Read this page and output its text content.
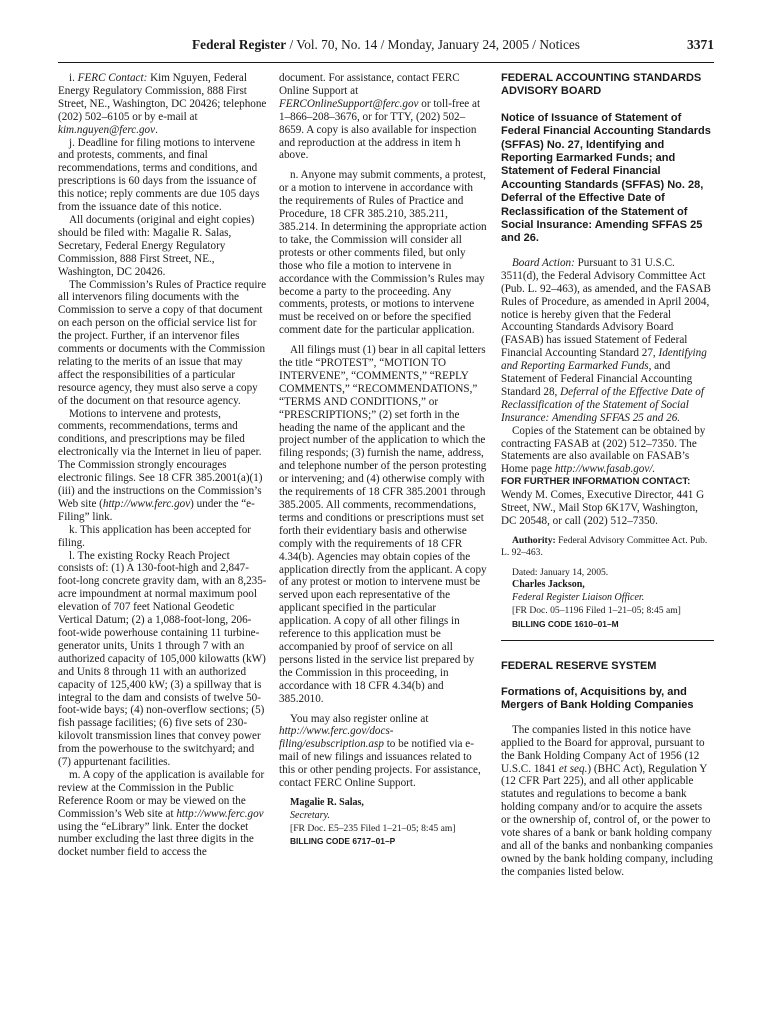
Federal Register / Vol. 70, No. 14 / Monday, January 24, 2005 / Notices	3371

i. FERC Contact: Kim Nguyen, Federal Energy Regulatory Commission, 888 First Street, NE., Washington, DC 20426; telephone (202) 502–6105 or by e-mail at kim.nguyen@ferc.gov.

j. Deadline for filing motions to intervene and protests, comments, and final recommendations, terms and conditions, and prescriptions is 60 days from the issuance of this notice; reply comments are due 105 days from the issuance date of this notice.

All documents (original and eight copies) should be filed with: Magalie R. Salas, Secretary, Federal Energy Regulatory Commission, 888 First Street, NE., Washington, DC 20426.

The Commission’s Rules of Practice require all intervenors filing documents with the Commission to serve a copy of that document on each person on the official service list for the project. Further, if an intervenor files comments or documents with the Commission relating to the merits of an issue that may affect the responsibilities of a particular resource agency, they must also serve a copy of the document on that resource agency.

Motions to intervene and protests, comments, recommendations, terms and conditions, and prescriptions may be filed electronically via the Internet in lieu of paper. The Commission strongly encourages electronic filings. See 18 CFR 385.2001(a)(1)(iii) and the instructions on the Commission’s Web site (http://www.ferc.gov) under the “e-Filing” link.

k. This application has been accepted for filing.

l. The existing Rocky Reach Project consists of: (1) A 130-foot-high and 2,847-foot-long concrete gravity dam, with an 8,235-acre impoundment at normal maximum pool elevation of 707 feet National Geodetic Vertical Datum; (2) a 1,088-foot-long, 206-foot-wide powerhouse containing 11 turbine-generator units, Units 1 through 7 with an authorized capacity of 105,000 kilowatts (kW) and Units 8 through 11 with an authorized capacity of 125,400 kW; (3) a spillway that is integral to the dam and consists of twelve 50-foot-wide bays; (4) non-overflow sections; (5) fish passage facilities; (6) five sets of 230-kilovolt transmission lines that convey power from the powerhouse to the switchyard; and (7) appurtenant facilities.

m. A copy of the application is available for review at the Commission in the Public Reference Room or may be viewed on the Commission’s Web site at http://www.ferc.gov using the “eLibrary” link. Enter the docket number excluding the last three digits in the docket number field to access the

document. For assistance, contact FERC Online Support at FERCOnlineSupport@ferc.gov or toll-free at 1–866–208–3676, or for TTY, (202) 502–8659. A copy is also available for inspection and reproduction at the address in item h above.

n. Anyone may submit comments, a protest, or a motion to intervene in accordance with the requirements of Rules of Practice and Procedure, 18 CFR 385.210, 385.211, 385.214. In determining the appropriate action to take, the Commission will consider all protests or other comments filed, but only those who file a motion to intervene in accordance with the Commission’s Rules may become a party to the proceeding. Any comments, protests, or motions to intervene must be received on or before the specified comment date for the particular application.

All filings must (1) bear in all capital letters the title “PROTEST”, “MOTION TO INTERVENE”, “COMMENTS,” “REPLY COMMENTS,” “RECOMMENDATIONS,” “TERMS AND CONDITIONS,” or “PRESCRIPTIONS;” (2) set forth in the heading the name of the applicant and the project number of the application to which the filing responds; (3) furnish the name, address, and telephone number of the person protesting or intervening; and (4) otherwise comply with the requirements of 18 CFR 385.2001 through 385.2005. All comments, recommendations, terms and conditions or prescriptions must set forth their evidentiary basis and otherwise comply with the requirements of 18 CFR 4.34(b). Agencies may obtain copies of the application directly from the applicant. A copy of any protest or motion to intervene must be served upon each representative of the applicant specified in the particular application. A copy of all other filings in reference to this application must be accompanied by proof of service on all persons listed in the service list prepared by the Commission in this proceeding, in accordance with 18 CFR 4.34(b) and 385.2010.

You may also register online at http://www.ferc.gov/docs-filing/esubscription.asp to be notified via e-mail of new filings and issuances related to this or other pending projects. For assistance, contact FERC Online Support.

Magalie R. Salas,

Secretary.

[FR Doc. E5–235 Filed 1–21–05; 8:45 am]

BILLING CODE 6717–01–P

FEDERAL ACCOUNTING STANDARDS ADVISORY BOARD
Notice of Issuance of Statement of Federal Financial Accounting Standards (SFFAS) No. 27, Identifying and Reporting Earmarked Funds; and Statement of Federal Financial Accounting Standards (SFFAS) No. 28, Deferral of the Effective Date of Reclassification of the Statement of Social Insurance: Amending SFFAS 25 and 26.

Board Action: Pursuant to 31 U.S.C. 3511(d), the Federal Advisory Committee Act (Pub. L. 92–463), as amended, and the FASAB Rules of Procedure, as amended in April 2004, notice is hereby given that the Federal Accounting Standards Advisory Board (FASAB) has issued Statement of Federal Financial Accounting Standard 27, Identifying and Reporting Earmarked Funds, and Statement of Federal Financial Accounting Standard 28, Deferral of the Effective Date of Reclassification of the Statement of Social Insurance: Amending SFFAS 25 and 26.

Copies of the Statement can be obtained by contracting FASAB at (202) 512–7350. The Statements are also available on FASAB’s Home page http://www.fasab.gov/.

FOR FURTHER INFORMATION CONTACT:

Wendy M. Comes, Executive Director, 441 G Street, NW., Mail Stop 6K17V, Washington, DC 20548, or call (202) 512–7350.

Authority: Federal Advisory Committee Act. Pub. L. 92–463.

Dated: January 14, 2005.

Charles Jackson,

Federal Register Liaison Officer.

[FR Doc. 05–1196 Filed 1–21–05; 8:45 am]

BILLING CODE 1610–01–M

FEDERAL RESERVE SYSTEM
Formations of, Acquisitions by, and Mergers of Bank Holding Companies

The companies listed in this notice have applied to the Board for approval, pursuant to the Bank Holding Company Act of 1956 (12 U.S.C. 1841 et seq.) (BHC Act), Regulation Y (12 CFR Part 225), and all other applicable statutes and regulations to become a bank holding company and/or to acquire the assets or the ownership of, control of, or the power to vote shares of a bank or bank holding company and all of the banks and nonbanking companies owned by the bank holding company, including the companies listed below.
